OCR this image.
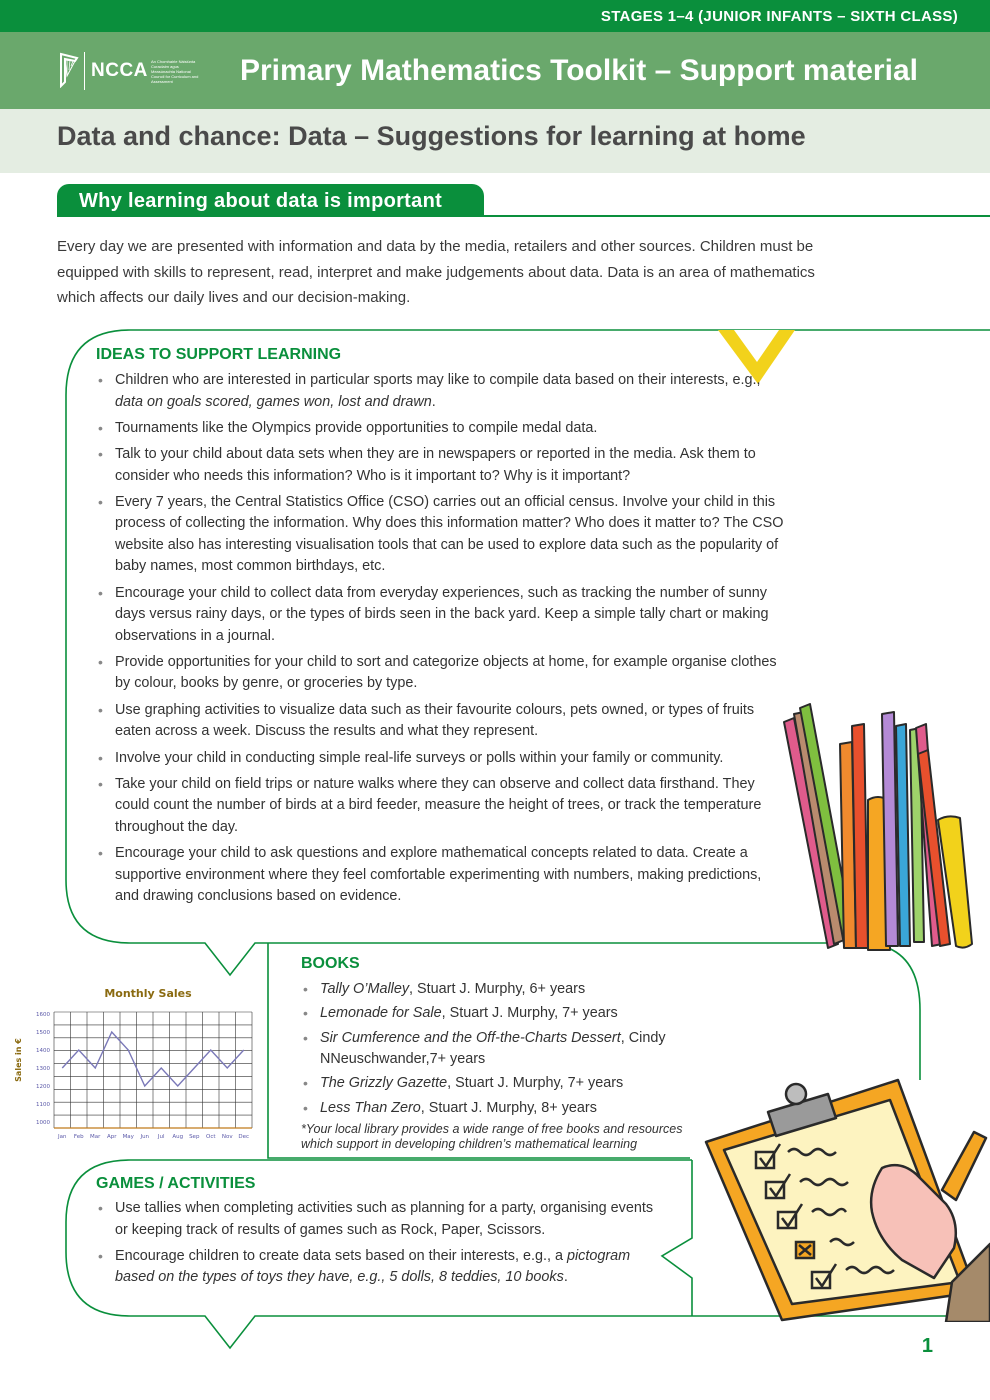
STAGES 1–4 (JUNIOR INFANTS – SIXTH CLASS)
NCCA An Chomhairle Náisiúnta Curaclaim agus Measúnachta National Council for Curriculum and Assessment	Primary Mathematics Toolkit – Support material
Data and chance: Data – Suggestions for learning at home
Why learning about data is important
Every day we are presented with information and data by the media, retailers and other sources. Children must be equipped with skills to represent, read, interpret and make judgements about data. Data is an area of mathematics which affects our daily lives and our decision-making.
IDEAS TO SUPPORT LEARNING
• Children who are interested in particular sports may like to compile data based on their interests, e.g., data on goals scored, games won, lost and drawn.
• Tournaments like the Olympics provide opportunities to compile medal data.
• Talk to your child about data sets when they are in newspapers or reported in the media. Ask them to consider who needs this information? Who is it important to? Why is it important?
• Every 7 years, the Central Statistics Office (CSO) carries out an official census. Involve your child in this process of collecting the information. Why does this information matter? Who does it matter to? The CSO website also has interesting visualisation tools that can be used to explore data such as the popularity of baby names, most common birthdays, etc.
• Encourage your child to collect data from everyday experiences, such as tracking the number of sunny days versus rainy days, or the types of birds seen in the back yard. Keep a simple tally chart or making observations in a journal.
• Provide opportunities for your child to sort and categorize objects at home, for example organise clothes by colour, books by genre, or groceries by type.
• Use graphing activities to visualize data such as their favourite colours, pets owned, or types of fruits eaten across a week. Discuss the results and what they represent.
• Involve your child in conducting simple real-life surveys or polls within your family or community.
• Take your child on field trips or nature walks where they can observe and collect data firsthand. They could count the number of birds at a bird feeder, measure the height of trees, or track the temperature throughout the day.
• Encourage your child to ask questions and explore mathematical concepts related to data. Create a supportive environment where they feel comfortable experimenting with numbers, making predictions, and drawing conclusions based on evidence.
Monthly Sales
Sales in €
1000
1100
1200
1300
1400
1500
1600
Jan Feb Mar Apr May Jun Jul Aug Sep Oct Nov Dec
BOOKS
• Tally O’Malley, Stuart J. Murphy, 6+ years
• Lemonade for Sale, Stuart J. Murphy, 7+ years
• Sir Cumference and the Off-the-Charts Dessert, Cindy NNeuschwander,7+ years
• The Grizzly Gazette, Stuart J. Murphy, 7+ years
• Less Than Zero, Stuart J. Murphy, 8+ years
*Your local library provides a wide range of free books and resources which support in developing children’s mathematical learning
GAMES / ACTIVITIES
• Use tallies when completing activities such as planning for a party, organising events or keeping track of results of games such as Rock, Paper, Scissors.
• Encourage children to create data sets based on their interests, e.g., a pictogram based on the types of toys they have, e.g., 5 dolls, 8 teddies, 10 books.
1
